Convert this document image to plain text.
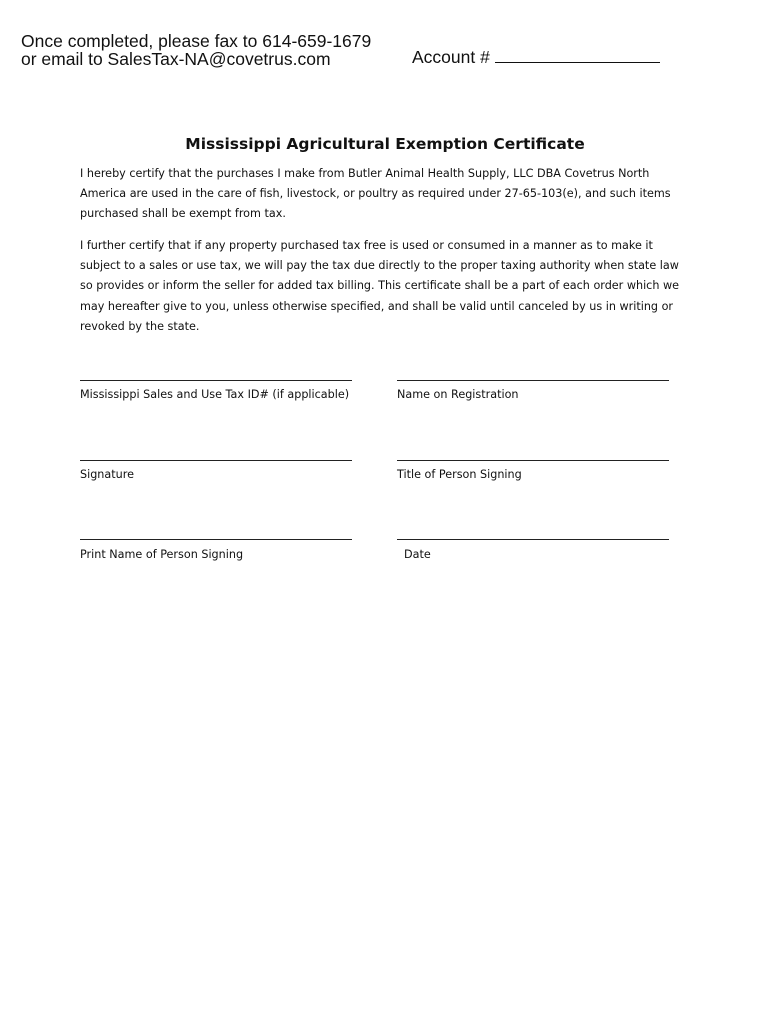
Once completed, please fax to 614-659-1679
or email to SalesTax-NA@covetrus.com	Account #
Mississippi Agricultural Exemption Certificate
I hereby certify that the purchases I make from Butler Animal Health Supply, LLC DBA Covetrus North America are used in the care of fish, livestock, or poultry as required under 27-65-103(e), and such items purchased shall be exempt from tax.
I further certify that if any property purchased tax free is used or consumed in a manner as to make it subject to a sales or use tax, we will pay the tax due directly to the proper taxing authority when state law so provides or inform the seller for added tax billing. This certificate shall be a part of each order which we may hereafter give to you, unless otherwise specified, and shall be valid until canceled by us in writing or revoked by the state.
Mississippi Sales and Use Tax ID# (if applicable)	Name on Registration
Signature	Title of Person Signing
Print Name of Person Signing	Date
